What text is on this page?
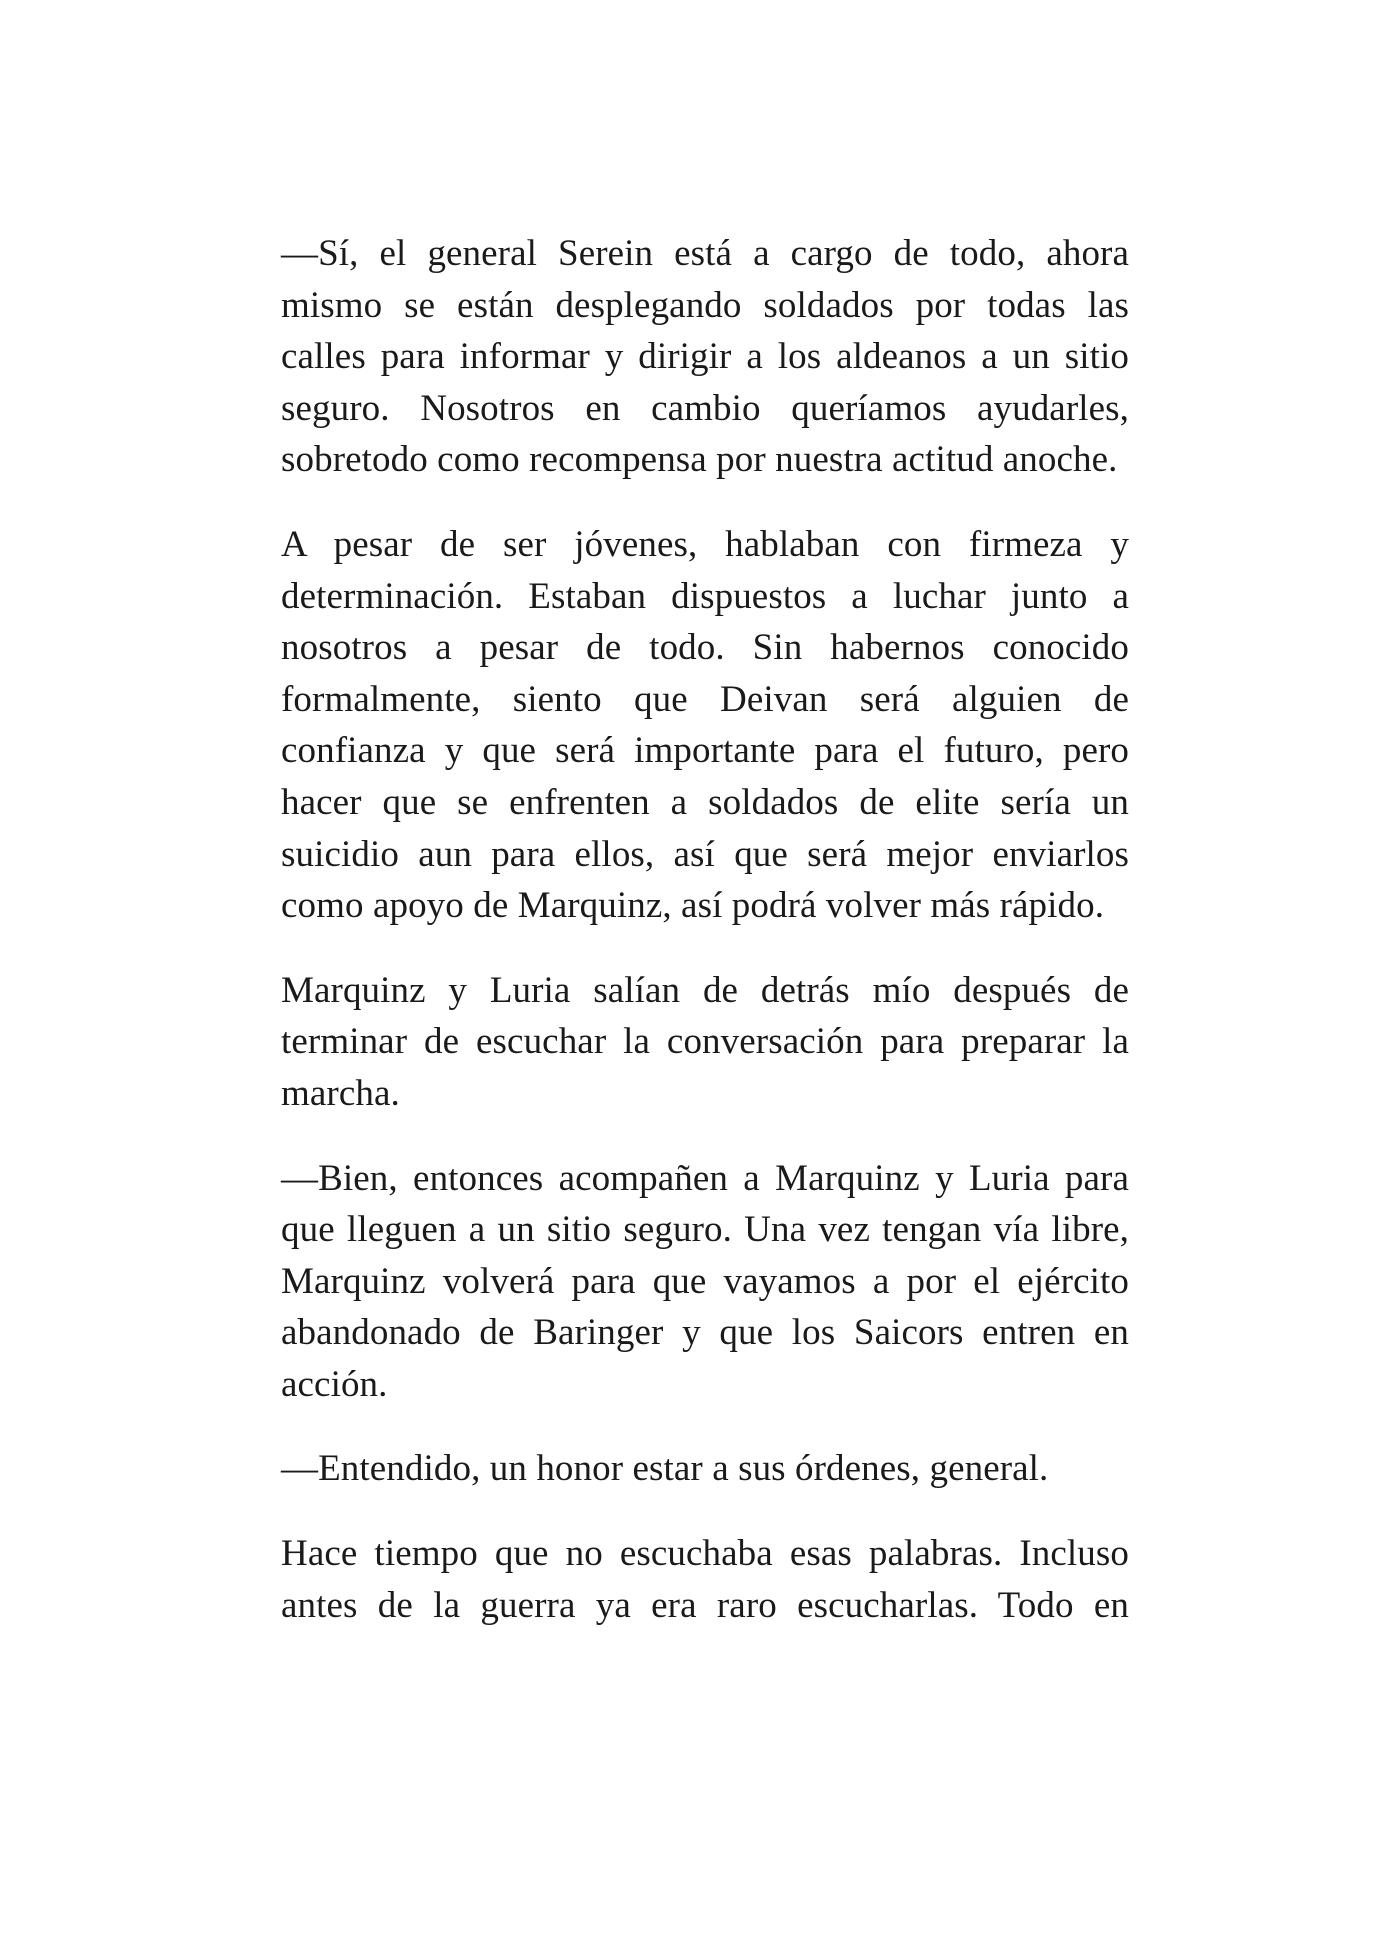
—Sí, el general Serein está a cargo de todo, ahora mismo se están desplegando soldados por todas las calles para informar y dirigir a los aldeanos a un sitio seguro. Nosotros en cambio queríamos ayudarles, sobretodo como recompensa por nuestra actitud anoche.

A pesar de ser jóvenes, hablaban con firmeza y determinación. Estaban dispuestos a luchar junto a nosotros a pesar de todo. Sin habernos conocido formalmente, siento que Deivan será alguien de confianza y que será importante para el futuro, pero hacer que se enfrenten a soldados de elite sería un suicidio aun para ellos, así que será mejor enviarlos como apoyo de Marquinz, así podrá volver más rápido.

Marquinz y Luria salían de detrás mío después de terminar de escuchar la conversación para preparar la marcha.

—Bien, entonces acompañen a Marquinz y Luria para que lleguen a un sitio seguro. Una vez tengan vía libre, Marquinz volverá para que vayamos a por el ejército abandonado de Baringer y que los Saicors entren en acción.

—Entendido, un honor estar a sus órdenes, general.

Hace tiempo que no escuchaba esas palabras. Incluso antes de la guerra ya era raro escucharlas. Todo en
